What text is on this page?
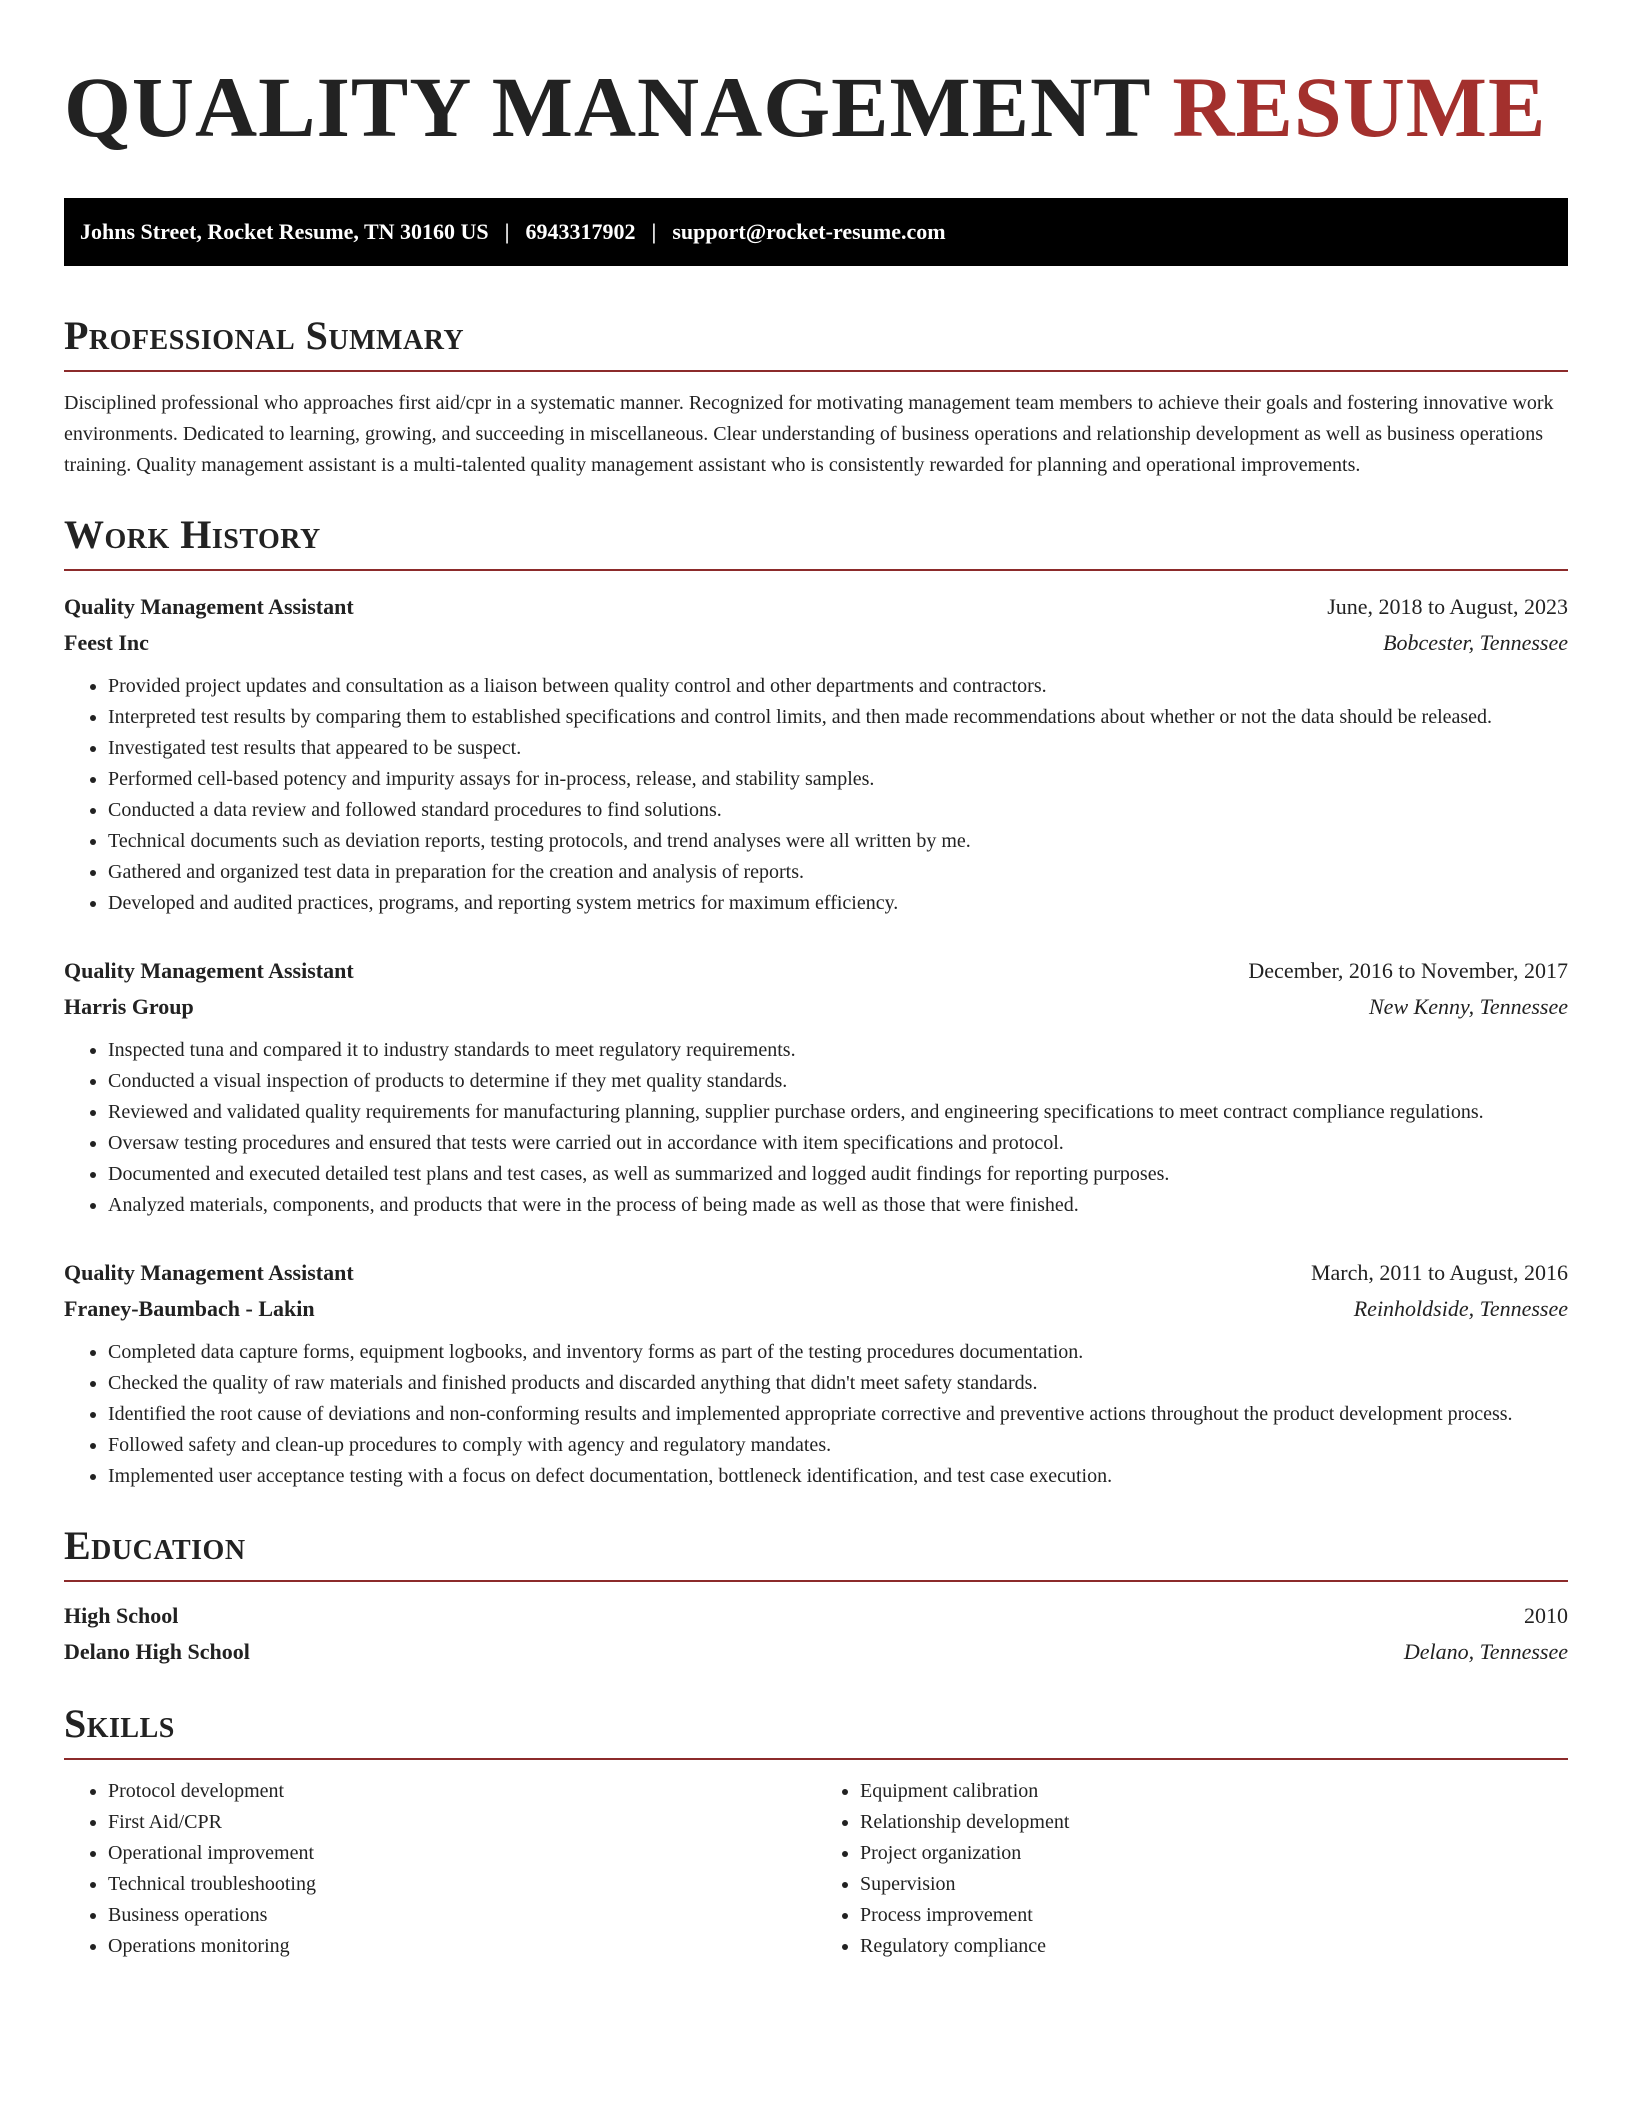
QUALITY MANAGEMENT RESUME
Johns Street, Rocket Resume, TN 30160 US | 6943317902 | support@rocket-resume.com
Professional Summary

Disciplined professional who approaches first aid/cpr in a systematic manner. Recognized for motivating management team members to achieve their goals and fostering innovative work environments. Dedicated to learning, growing, and succeeding in miscellaneous. Clear understanding of business operations and relationship development as well as business operations training. Quality management assistant is a multi-talented quality management assistant who is consistently rewarded for planning and operational improvements.

Work History
Quality Management Assistant	June, 2018 to August, 2023
Feest Inc	Bobcester, Tennessee
• Provided project updates and consultation as a liaison between quality control and other departments and contractors.
• Interpreted test results by comparing them to established specifications and control limits, and then made recommendations about whether or not the data should be released.
• Investigated test results that appeared to be suspect.
• Performed cell-based potency and impurity assays for in-process, release, and stability samples.
• Conducted a data review and followed standard procedures to find solutions.
• Technical documents such as deviation reports, testing protocols, and trend analyses were all written by me.
• Gathered and organized test data in preparation for the creation and analysis of reports.
• Developed and audited practices, programs, and reporting system metrics for maximum efficiency.
Quality Management Assistant	December, 2016 to November, 2017
Harris Group	New Kenny, Tennessee
• Inspected tuna and compared it to industry standards to meet regulatory requirements.
• Conducted a visual inspection of products to determine if they met quality standards.
• Reviewed and validated quality requirements for manufacturing planning, supplier purchase orders, and engineering specifications to meet contract compliance regulations.
• Oversaw testing procedures and ensured that tests were carried out in accordance with item specifications and protocol.
• Documented and executed detailed test plans and test cases, as well as summarized and logged audit findings for reporting purposes.
• Analyzed materials, components, and products that were in the process of being made as well as those that were finished.
Quality Management Assistant	March, 2011 to August, 2016
Franey-Baumbach - Lakin	Reinholdside, Tennessee
• Completed data capture forms, equipment logbooks, and inventory forms as part of the testing procedures documentation.
• Checked the quality of raw materials and finished products and discarded anything that didn't meet safety standards.
• Identified the root cause of deviations and non-conforming results and implemented appropriate corrective and preventive actions throughout the product development process.
• Followed safety and clean-up procedures to comply with agency and regulatory mandates.
• Implemented user acceptance testing with a focus on defect documentation, bottleneck identification, and test case execution.
Education
High School	2010
Delano High School	Delano, Tennessee
Skills
• Protocol development
• First Aid/CPR
• Operational improvement
• Technical troubleshooting
• Business operations
• Operations monitoring
• Equipment calibration
• Relationship development
• Project organization
• Supervision
• Process improvement
• Regulatory compliance
